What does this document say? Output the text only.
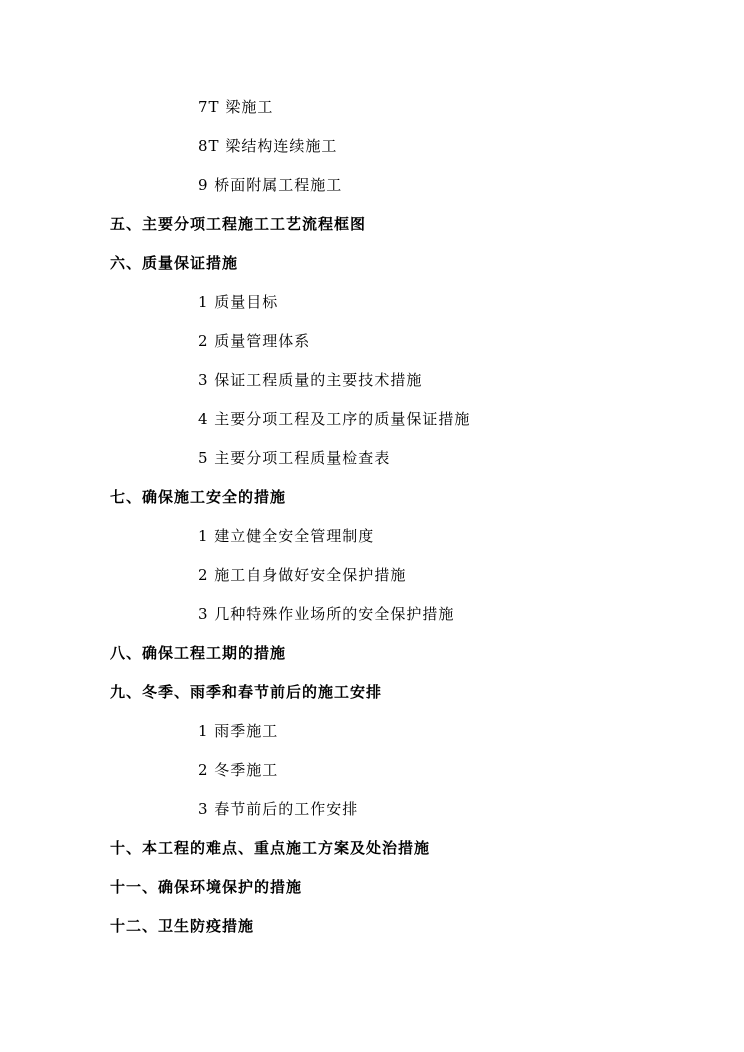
7T 梁施工
8T 梁结构连续施工
9 桥面附属工程施工
五、主要分项工程施工工艺流程框图
六、质量保证措施
1 质量目标
2 质量管理体系
3 保证工程质量的主要技术措施
4 主要分项工程及工序的质量保证措施
5 主要分项工程质量检查表
七、确保施工安全的措施
1 建立健全安全管理制度
2 施工自身做好安全保护措施
3 几种特殊作业场所的安全保护措施
八、确保工程工期的措施
九、冬季、雨季和春节前后的施工安排
1 雨季施工
2 冬季施工
3 春节前后的工作安排
十、本工程的难点、重点施工方案及处治措施
十一、确保环境保护的措施
十二、卫生防疫措施
